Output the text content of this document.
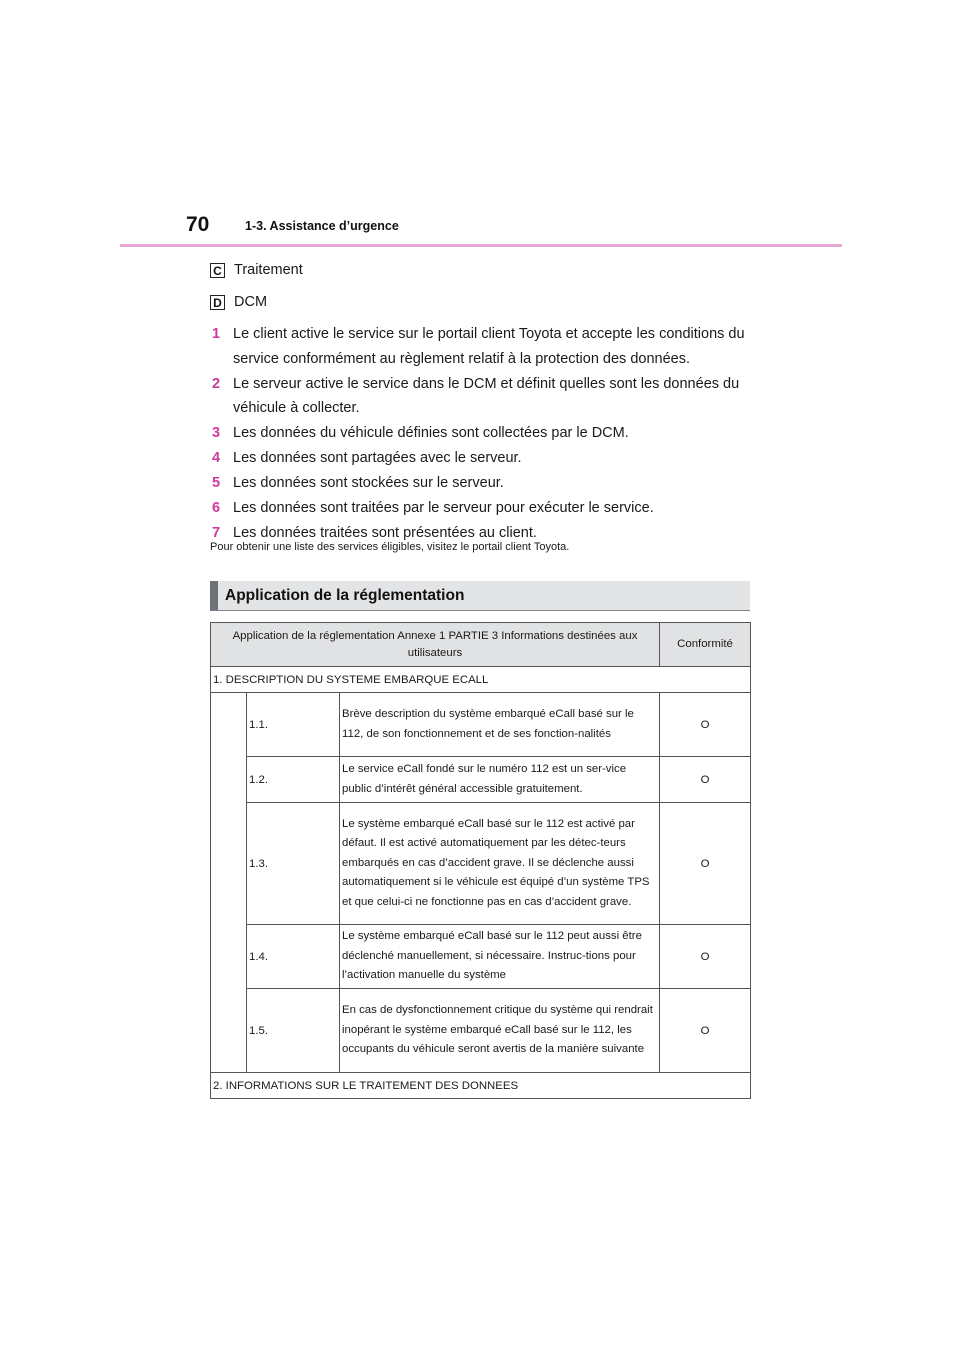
70	1-3. Assistance d’urgence
C Traitement
D DCM
1 Le client active le service sur le portail client Toyota et accepte les conditions du service conformément au règlement relatif à la protection des données.
2 Le serveur active le service dans le DCM et définit quelles sont les données du véhicule à collecter.
3 Les données du véhicule définies sont collectées par le DCM.
4 Les données sont partagées avec le serveur.
5 Les données sont stockées sur le serveur.
6 Les données sont traitées par le serveur pour exécuter le service.
7 Les données traitées sont présentées au client.
Pour obtenir une liste des services éligibles, visitez le portail client Toyota.
Application de la réglementation
Application de la réglementation Annexe 1 PARTIE 3 Informations destinées aux utilisateurs			Conformité
1. DESCRIPTION DU SYSTEME EMBARQUE ECALL			
	1.1.	Brève description du système embarqué eCall basé sur le 112, de son fonctionnement et de ses fonction-nalités	O
	1.2.	Le service eCall fondé sur le numéro 112 est un ser-vice public d’intérêt général accessible gratuitement.	O
	1.3.	Le système embarqué eCall basé sur le 112 est activé par défaut. Il est activé automatiquement par les détec-teurs embarqués en cas d’accident grave. Il se déclenche aussi automatiquement si le véhicule est équipé d’un système TPS et que celui-ci ne fonctionne pas en cas d’accident grave.	O
	1.4.	Le système embarqué eCall basé sur le 112 peut aussi être déclenché manuellement, si nécessaire. Instruc-tions pour l’activation manuelle du système	O
	1.5.	En cas de dysfonctionnement critique du système qui rendrait inopérant le système embarqué eCall basé sur le 112, les occupants du véhicule seront avertis de la manière suivante	O
2. INFORMATIONS SUR LE TRAITEMENT DES DONNEES			
